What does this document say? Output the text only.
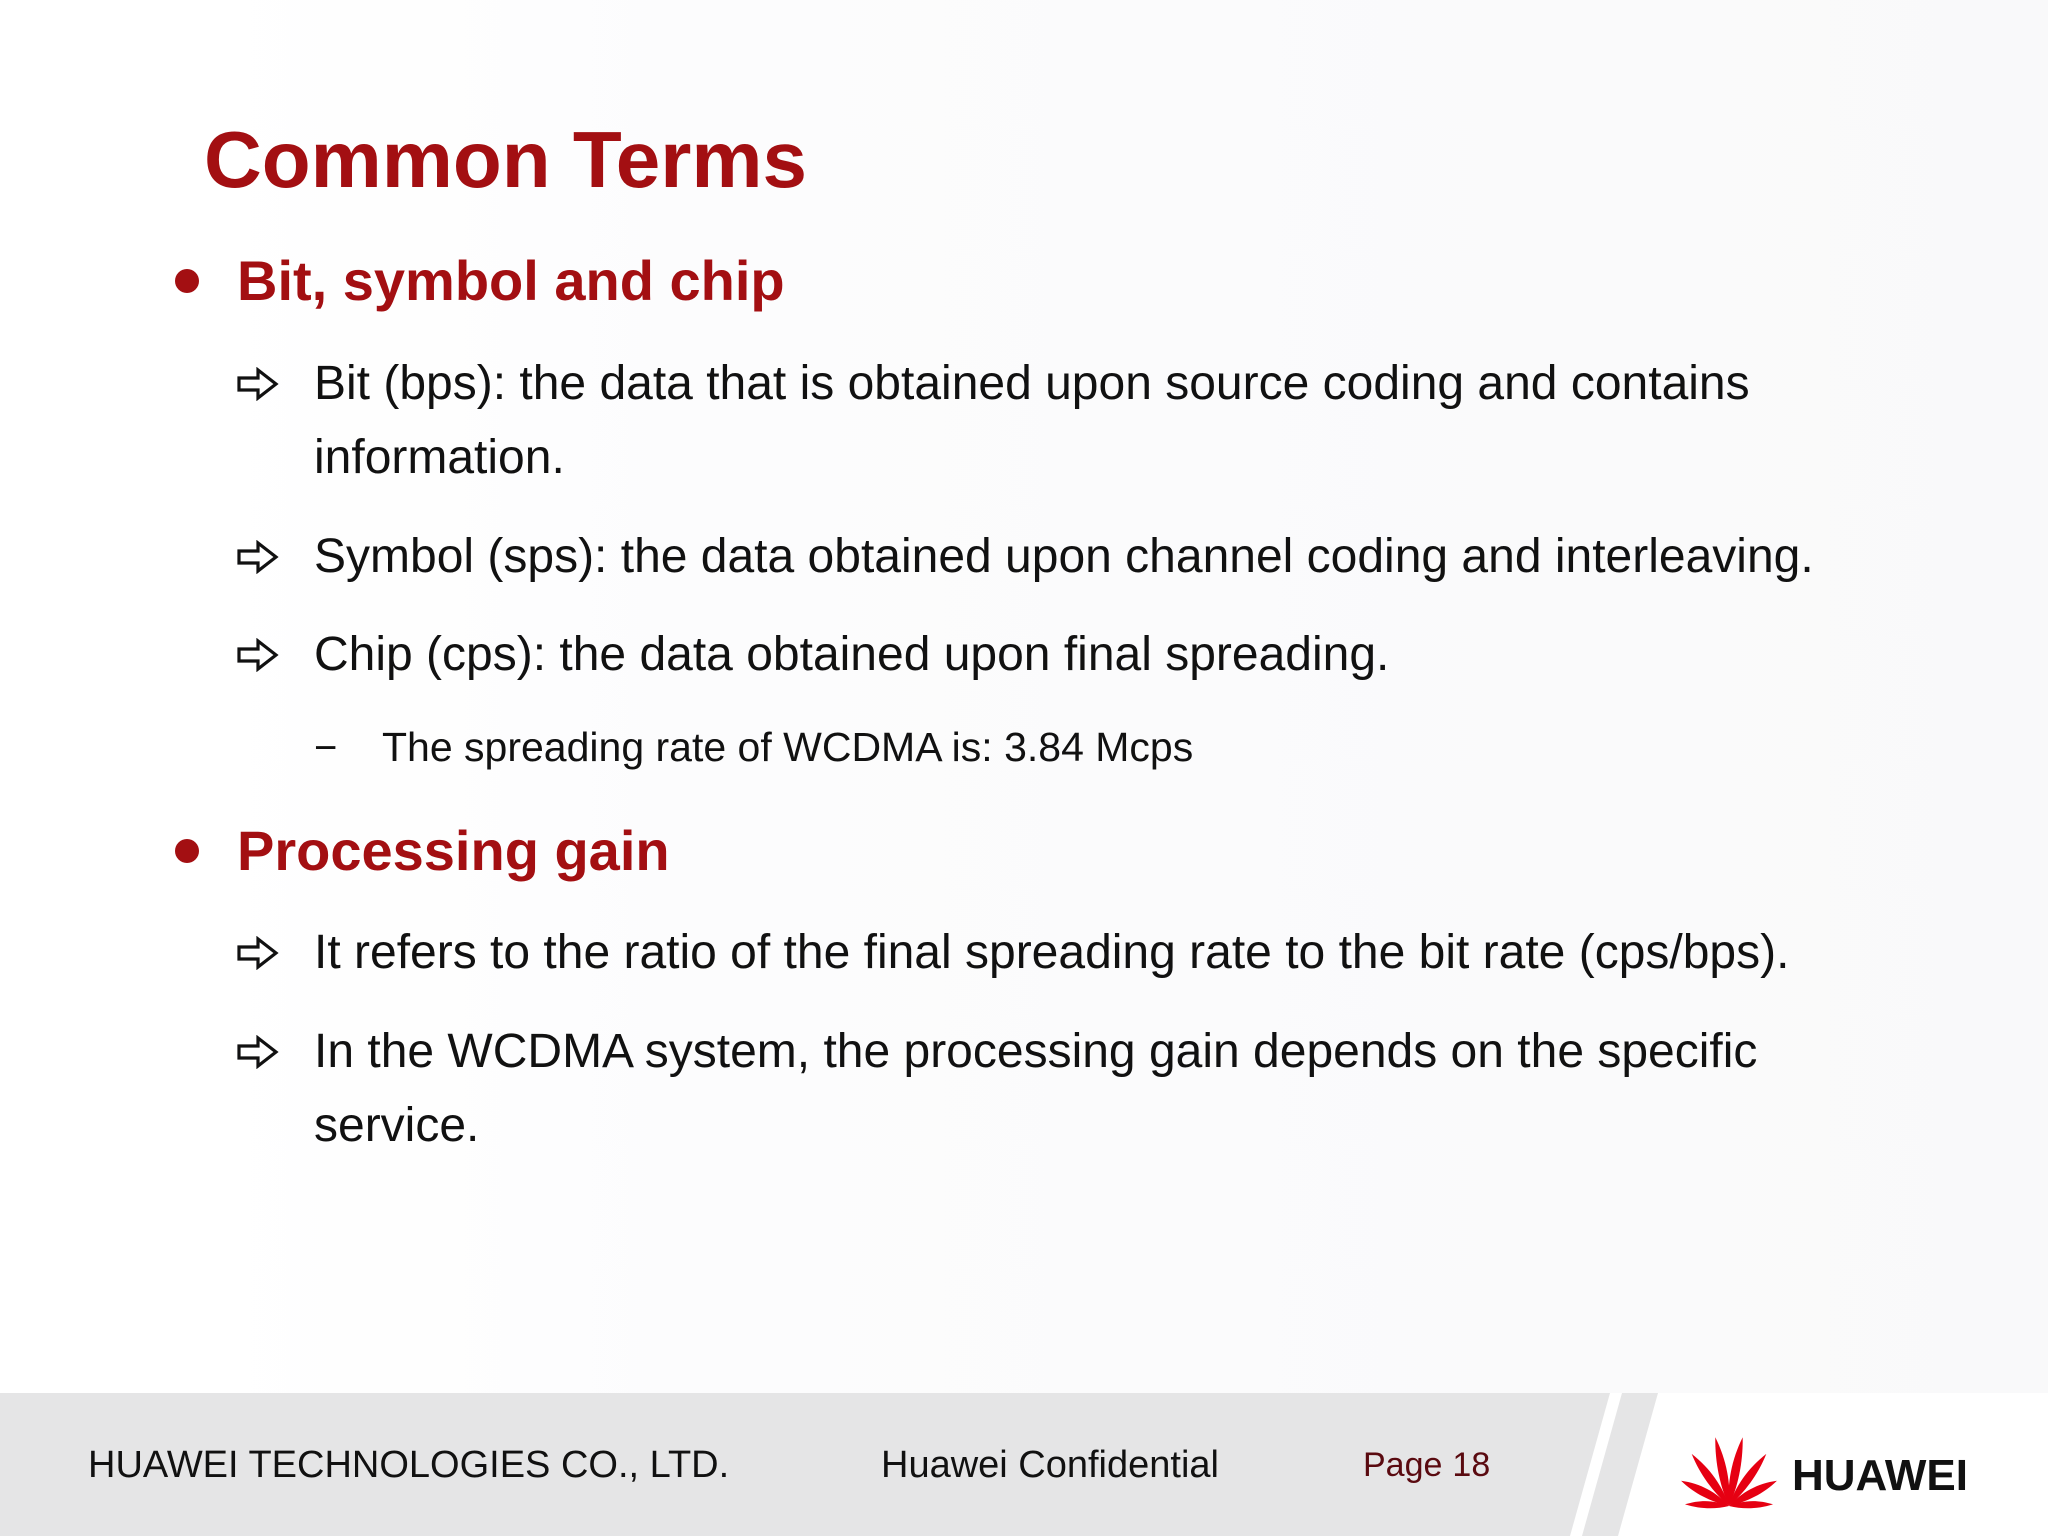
Common Terms
Bit, symbol and chip
Bit (bps): the data that is obtained upon source coding and contains information.
Symbol (sps): the data obtained upon channel coding and interleaving.
Chip (cps): the data obtained upon final spreading.
−	The spreading rate of WCDMA is: 3.84 Mcps
Processing gain
It refers to the ratio of the final spreading rate to the bit rate (cps/bps).
In the WCDMA system, the processing gain depends on the specific service.
HUAWEI TECHNOLOGIES CO., LTD.	Huawei Confidential	Page 18	HUAWEI
